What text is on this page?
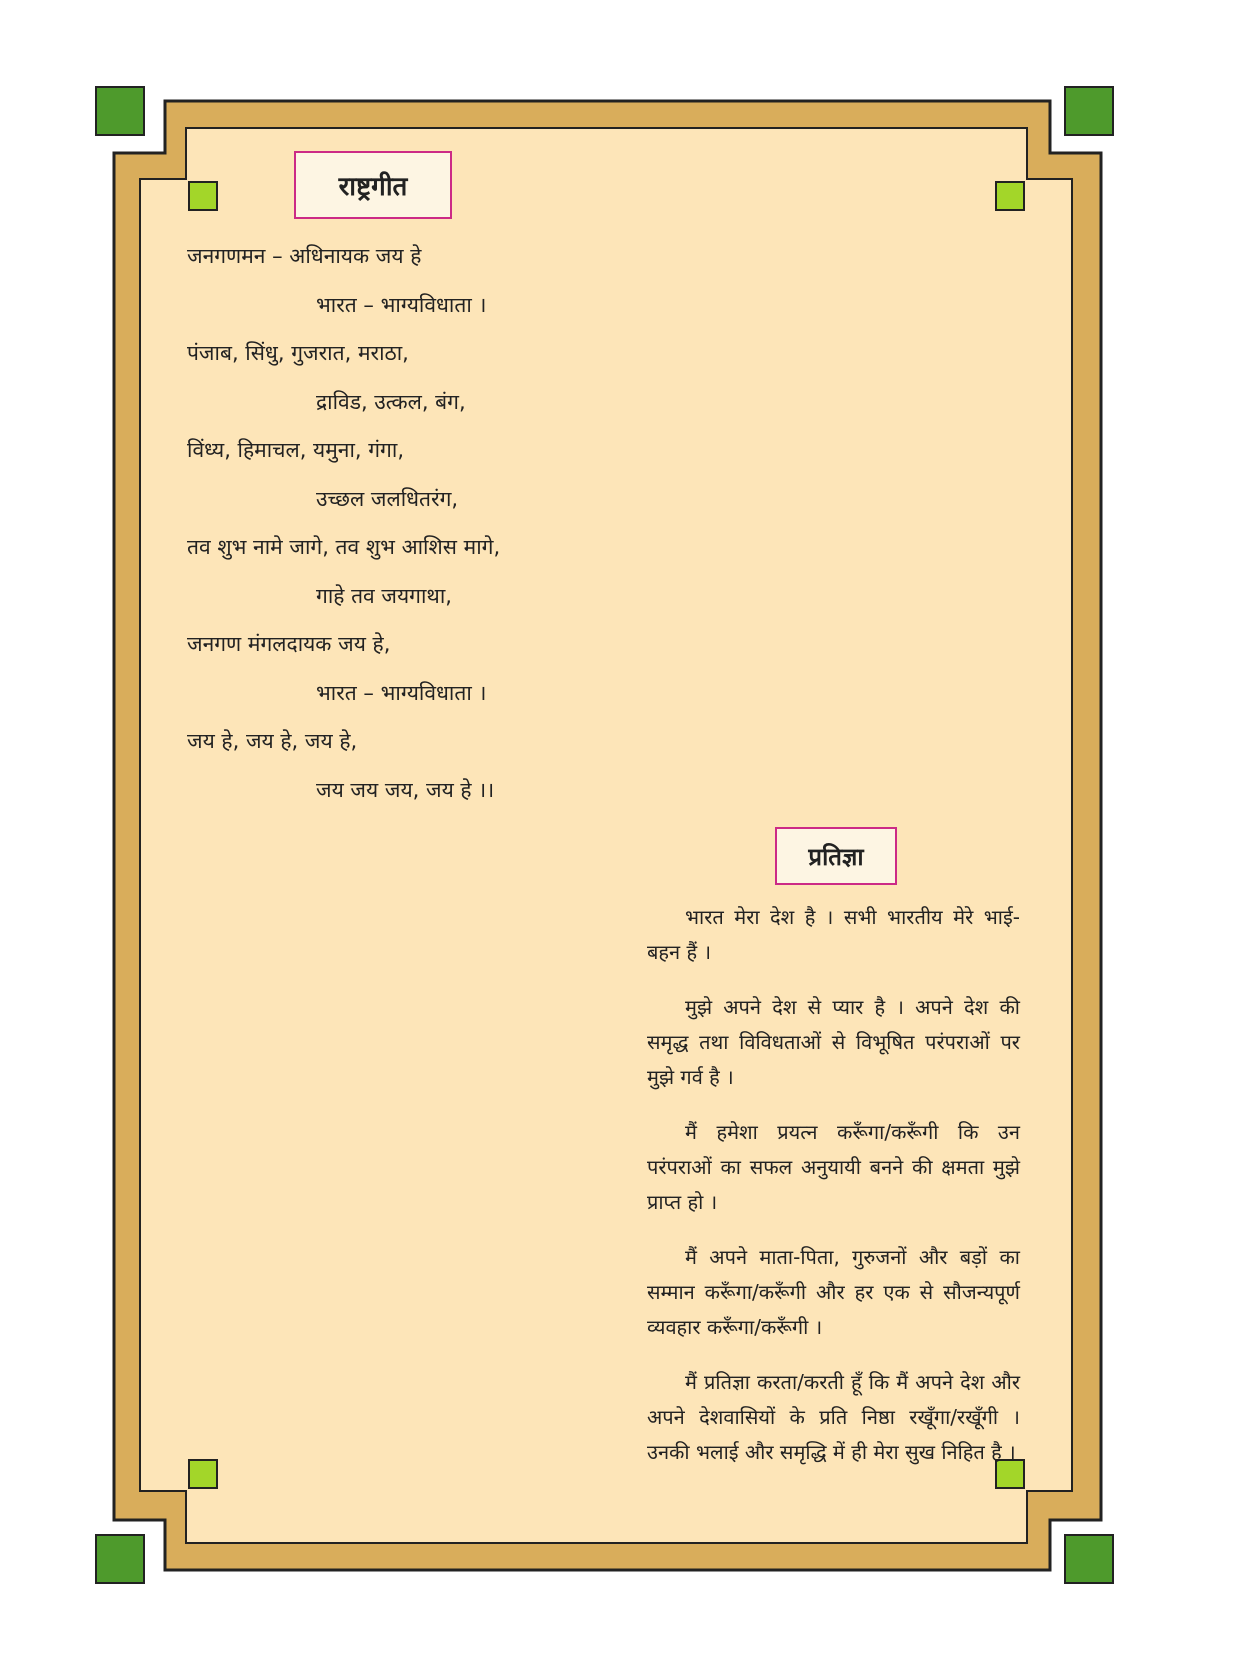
राष्ट्रगीत
जनगणमन – अधिनायक जय हे
भारत – भाग्यविधाता ।
पंजाब, सिंधु, गुजरात, मराठा,
द्राविड, उत्कल, बंग,
विंध्य, हिमाचल, यमुना, गंगा,
उच्छल जलधितरंग,
तव शुभ नामे जागे, तव शुभ आशिस मागे,
गाहे तव जयगाथा,
जनगण मंगलदायक जय हे,
भारत – भाग्यविधाता ।
जय हे, जय हे, जय हे,
जय जय जय, जय हे ।।
प्रतिज्ञा

भारत मेरा देश है । सभी भारतीय मेरे भाई-बहन हैं ।

मुझे अपने देश से प्यार है । अपने देश की समृद्ध तथा विविधताओं से विभूषित परंपराओं पर मुझे गर्व है ।

मैं हमेशा प्रयत्न करूँगा/करूँगी कि उन परंपराओं का सफल अनुयायी बनने की क्षमता मुझे प्राप्त हो ।

मैं अपने माता-पिता, गुरुजनों और बड़ों का सम्मान करूँगा/करूँगी और हर एक से सौजन्यपूर्ण व्यवहार करूँगा/करूँगी ।

मैं प्रतिज्ञा करता/करती हूँ कि मैं अपने देश और अपने देशवासियों के प्रति निष्ठा रखूँगा/रखूँगी । उनकी भलाई और समृद्धि में ही मेरा सुख निहित है ।
